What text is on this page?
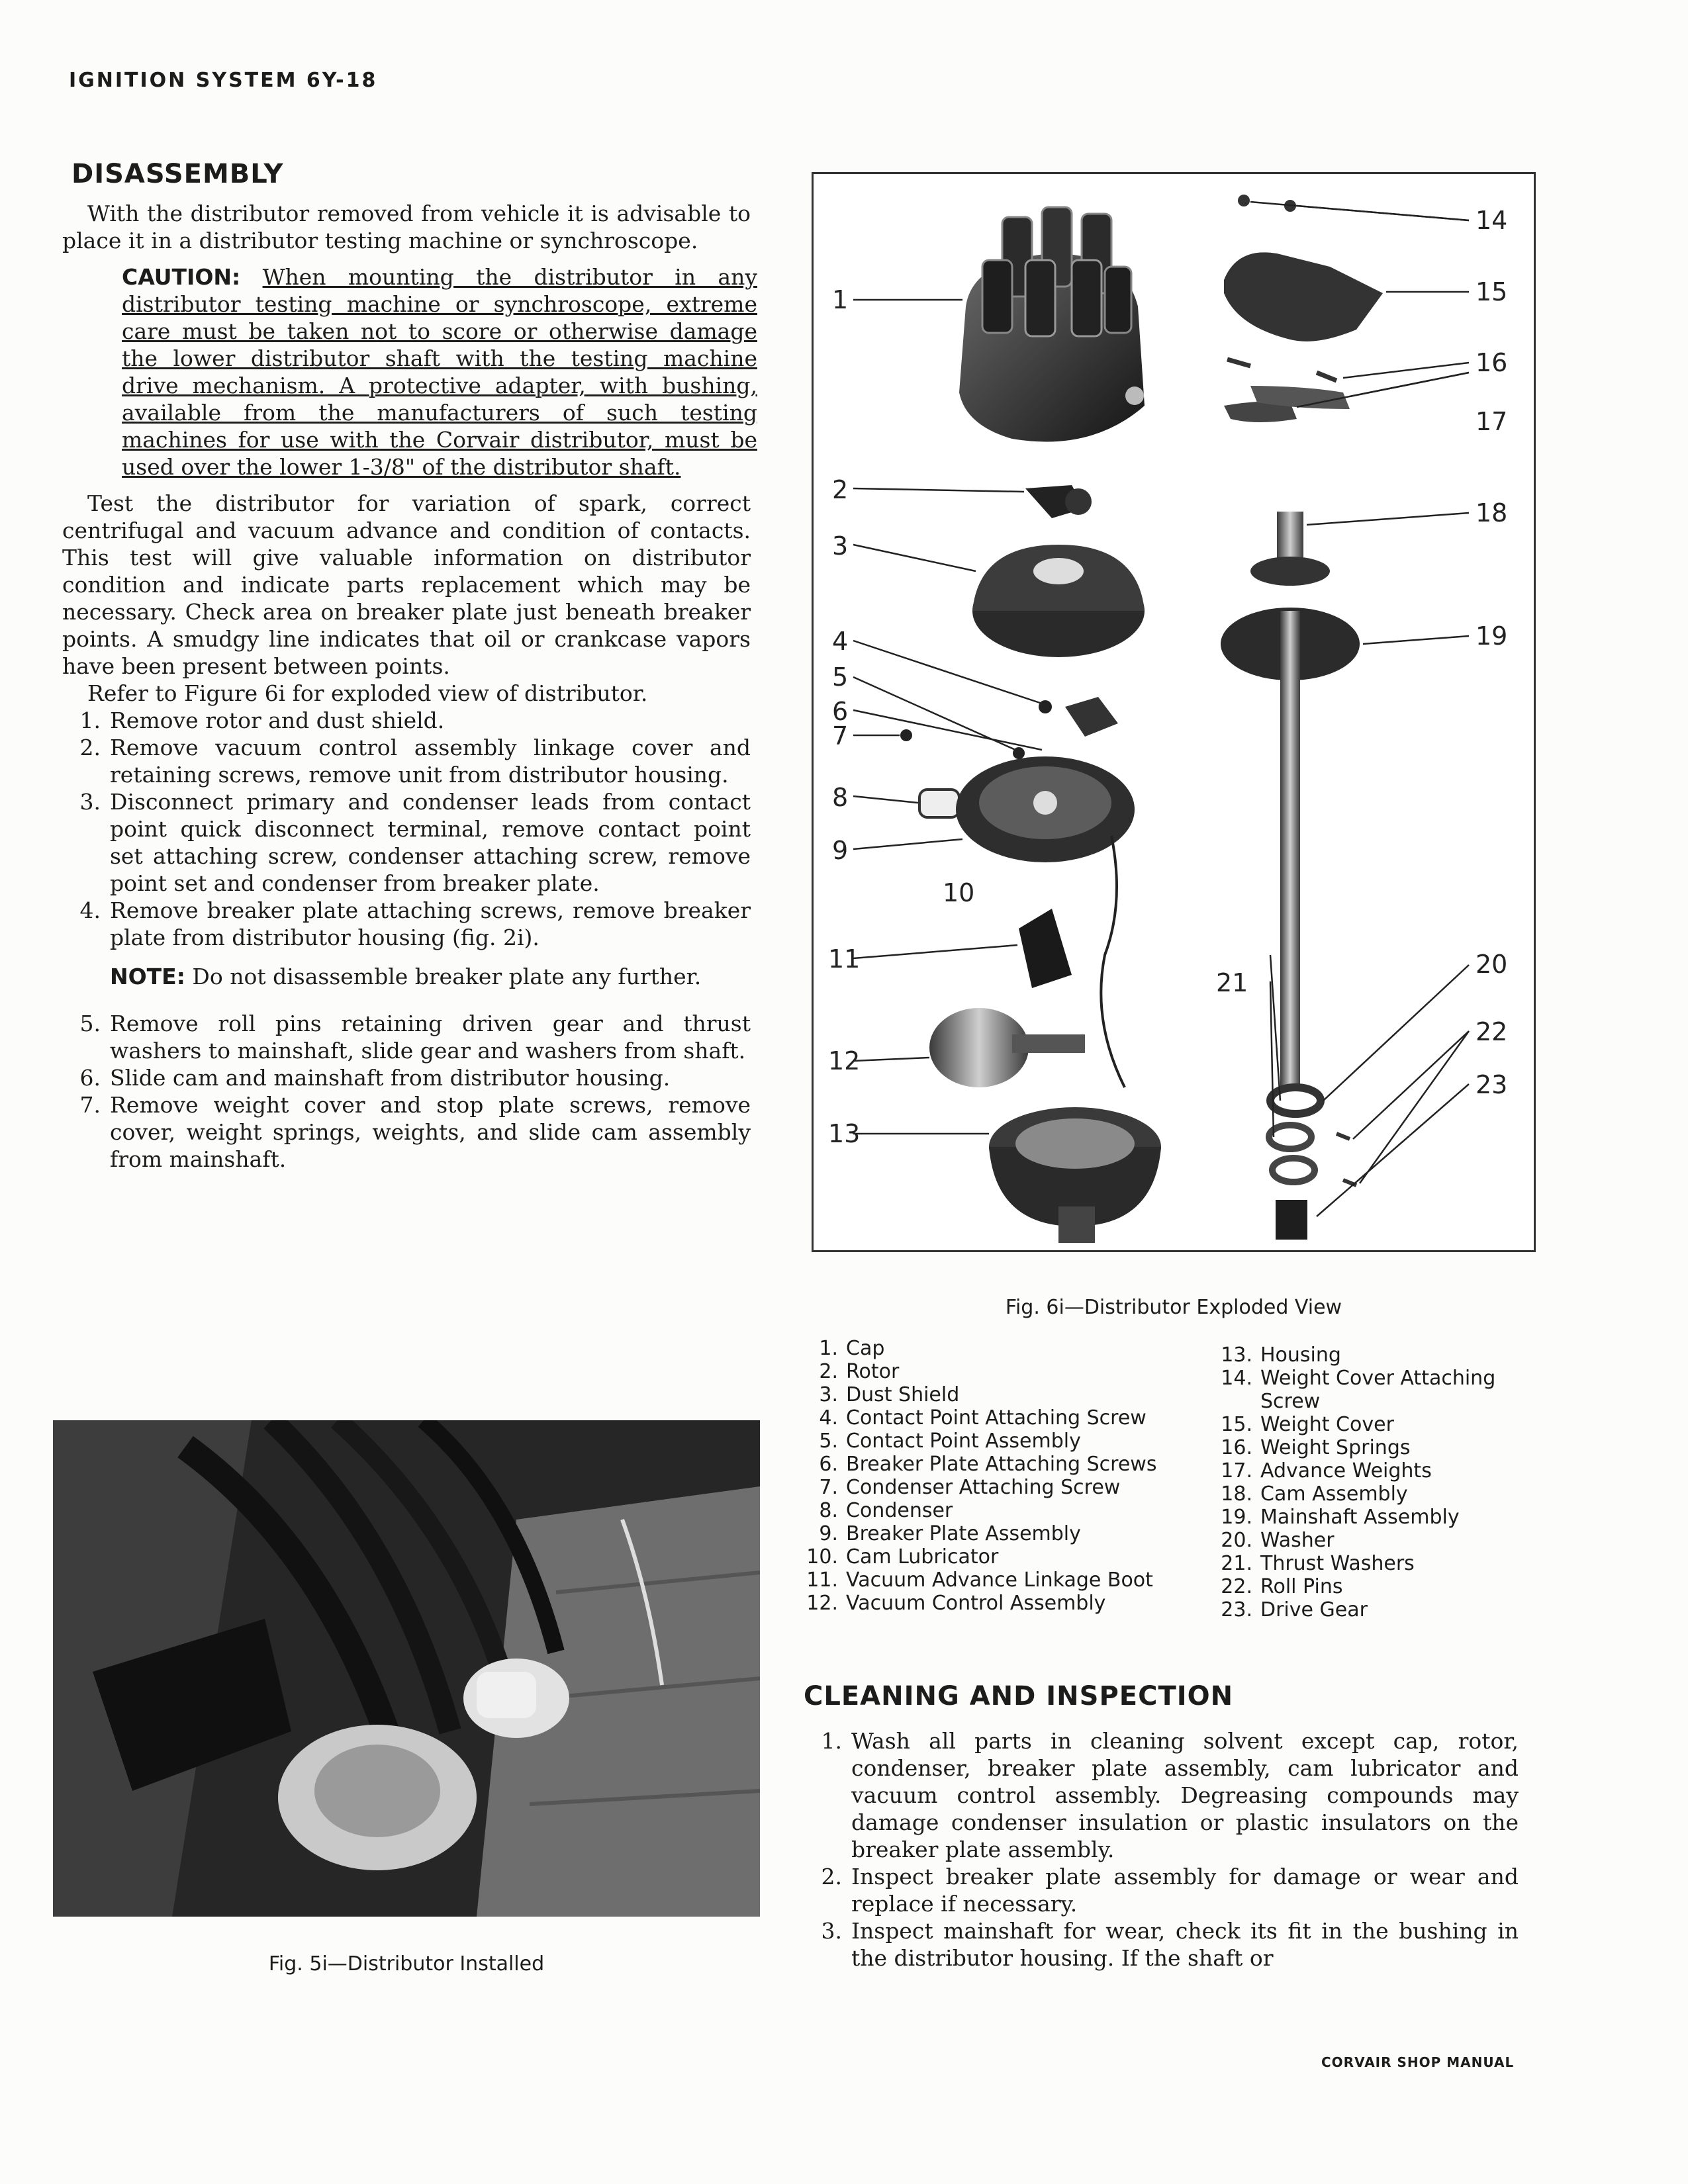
IGNITION SYSTEM 6Y-18
DISASSEMBLY
With the distributor removed from vehicle it is advisable to place it in a distributor testing machine or synchroscope.
CAUTION: When mounting the distributor in any distributor testing machine or synchroscope, extreme care must be taken not to score or otherwise damage the lower distributor shaft with the testing machine drive mechanism. A protective adapter, with bushing, available from the manufacturers of such testing machines for use with the Corvair distributor, must be used over the lower 1-3/8" of the distributor shaft.
Test the distributor for variation of spark, correct centrifugal and vacuum advance and condition of contacts. This test will give valuable information on distributor condition and indicate parts replacement which may be necessary. Check area on breaker plate just beneath breaker points. A smudgy line indicates that oil or crankcase vapors have been present between points.
Refer to Figure 6i for exploded view of distributor.
1. Remove rotor and dust shield.
2. Remove vacuum control assembly linkage cover and retaining screws, remove unit from distributor housing.
3. Disconnect primary and condenser leads from contact point quick disconnect terminal, remove contact point set attaching screw, condenser attaching screw, remove point set and condenser from breaker plate.
4. Remove breaker plate attaching screws, remove breaker plate from distributor housing (fig. 2i).
NOTE: Do not disassemble breaker plate any further.
5. Remove roll pins retaining driven gear and thrust washers to mainshaft, slide gear and washers from shaft.
6. Slide cam and mainshaft from distributor housing.
7. Remove weight cover and stop plate screws, remove cover, weight springs, weights, and slide cam assembly from mainshaft.
1
2
3
4
5
6
7
8
9
10
11
12
13
14
15
16
17
18
19
20
21
22
23
Fig. 6i—Distributor Exploded View
1. Cap
2. Rotor
3. Dust Shield
4. Contact Point Attaching Screw
5. Contact Point Assembly
6. Breaker Plate Attaching Screws
7. Condenser Attaching Screw
8. Condenser
9. Breaker Plate Assembly
10. Cam Lubricator
11. Vacuum Advance Linkage Boot
12. Vacuum Control Assembly
13. Housing
14. Weight Cover Attaching Screw
15. Weight Cover
16. Weight Springs
17. Advance Weights
18. Cam Assembly
19. Mainshaft Assembly
20. Washer
21. Thrust Washers
22. Roll Pins
23. Drive Gear
Fig. 5i—Distributor Installed
CLEANING AND INSPECTION
1. Wash all parts in cleaning solvent except cap, rotor, condenser, breaker plate assembly, cam lubricator and vacuum control assembly. Degreasing compounds may damage condenser insulation or plastic insulators on the breaker plate assembly.
2. Inspect breaker plate assembly for damage or wear and replace if necessary.
3. Inspect mainshaft for wear, check its fit in the bushing in the distributor housing. If the shaft or
CORVAIR SHOP MANUAL
